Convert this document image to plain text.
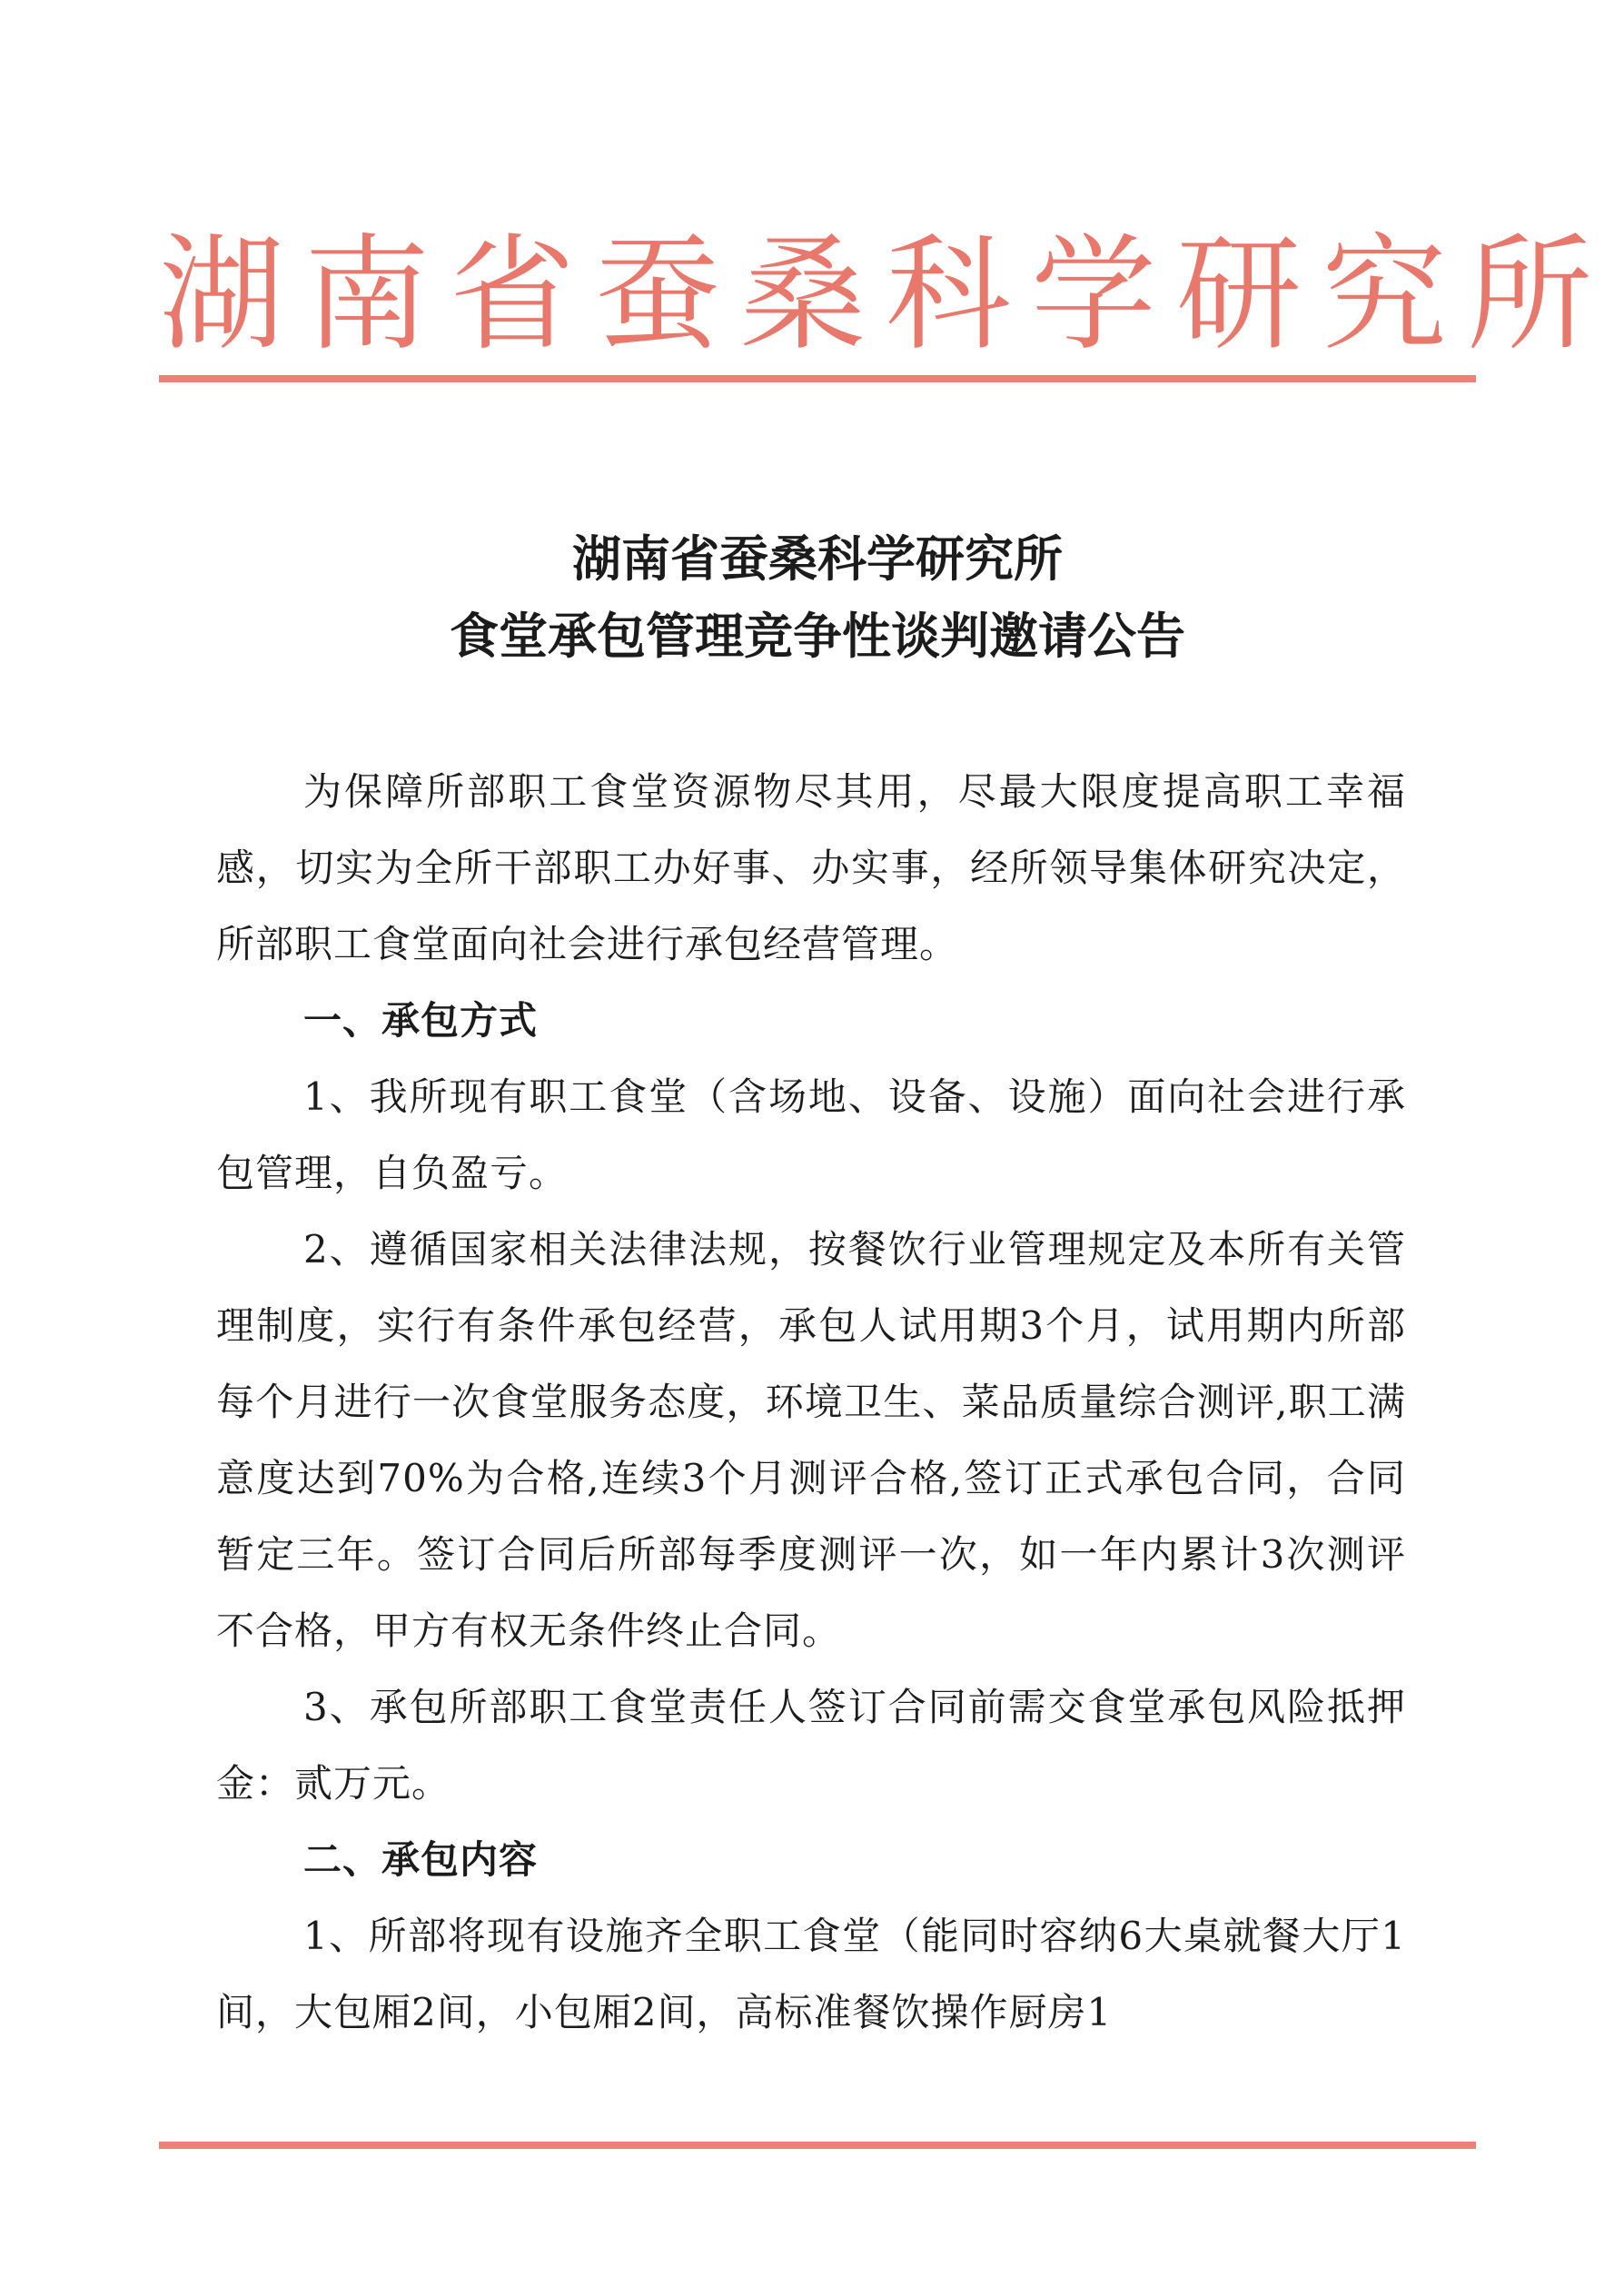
湖南省蚕桑科学研究所
湖南省蚕桑科学研究所
食堂承包管理竞争性谈判邀请公告

为保障所部职工食堂资源物尽其用，尽最大限度提高职工幸福感，切实为全所干部职工办好事、办实事，经所领导集体研究决定，所部职工食堂面向社会进行承包经营管理。

一、承包方式

1、我所现有职工食堂（含场地、设备、设施）面向社会进行承包管理，自负盈亏。

2、遵循国家相关法律法规，按餐饮行业管理规定及本所有关管理制度，实行有条件承包经营，承包人试用期3个月，试用期内所部每个月进行一次食堂服务态度，环境卫生、菜品质量综合测评,职工满意度达到70%为合格,连续3个月测评合格,签订正式承包合同，合同暂定三年。签订合同后所部每季度测评一次，如一年内累计3次测评不合格，甲方有权无条件终止合同。

3、承包所部职工食堂责任人签订合同前需交食堂承包风险抵押金：贰万元。

二、承包内容

1、所部将现有设施齐全职工食堂（能同时容纳6大桌就餐大厅1间，大包厢2间，小包厢2间，高标准餐饮操作厨房1
